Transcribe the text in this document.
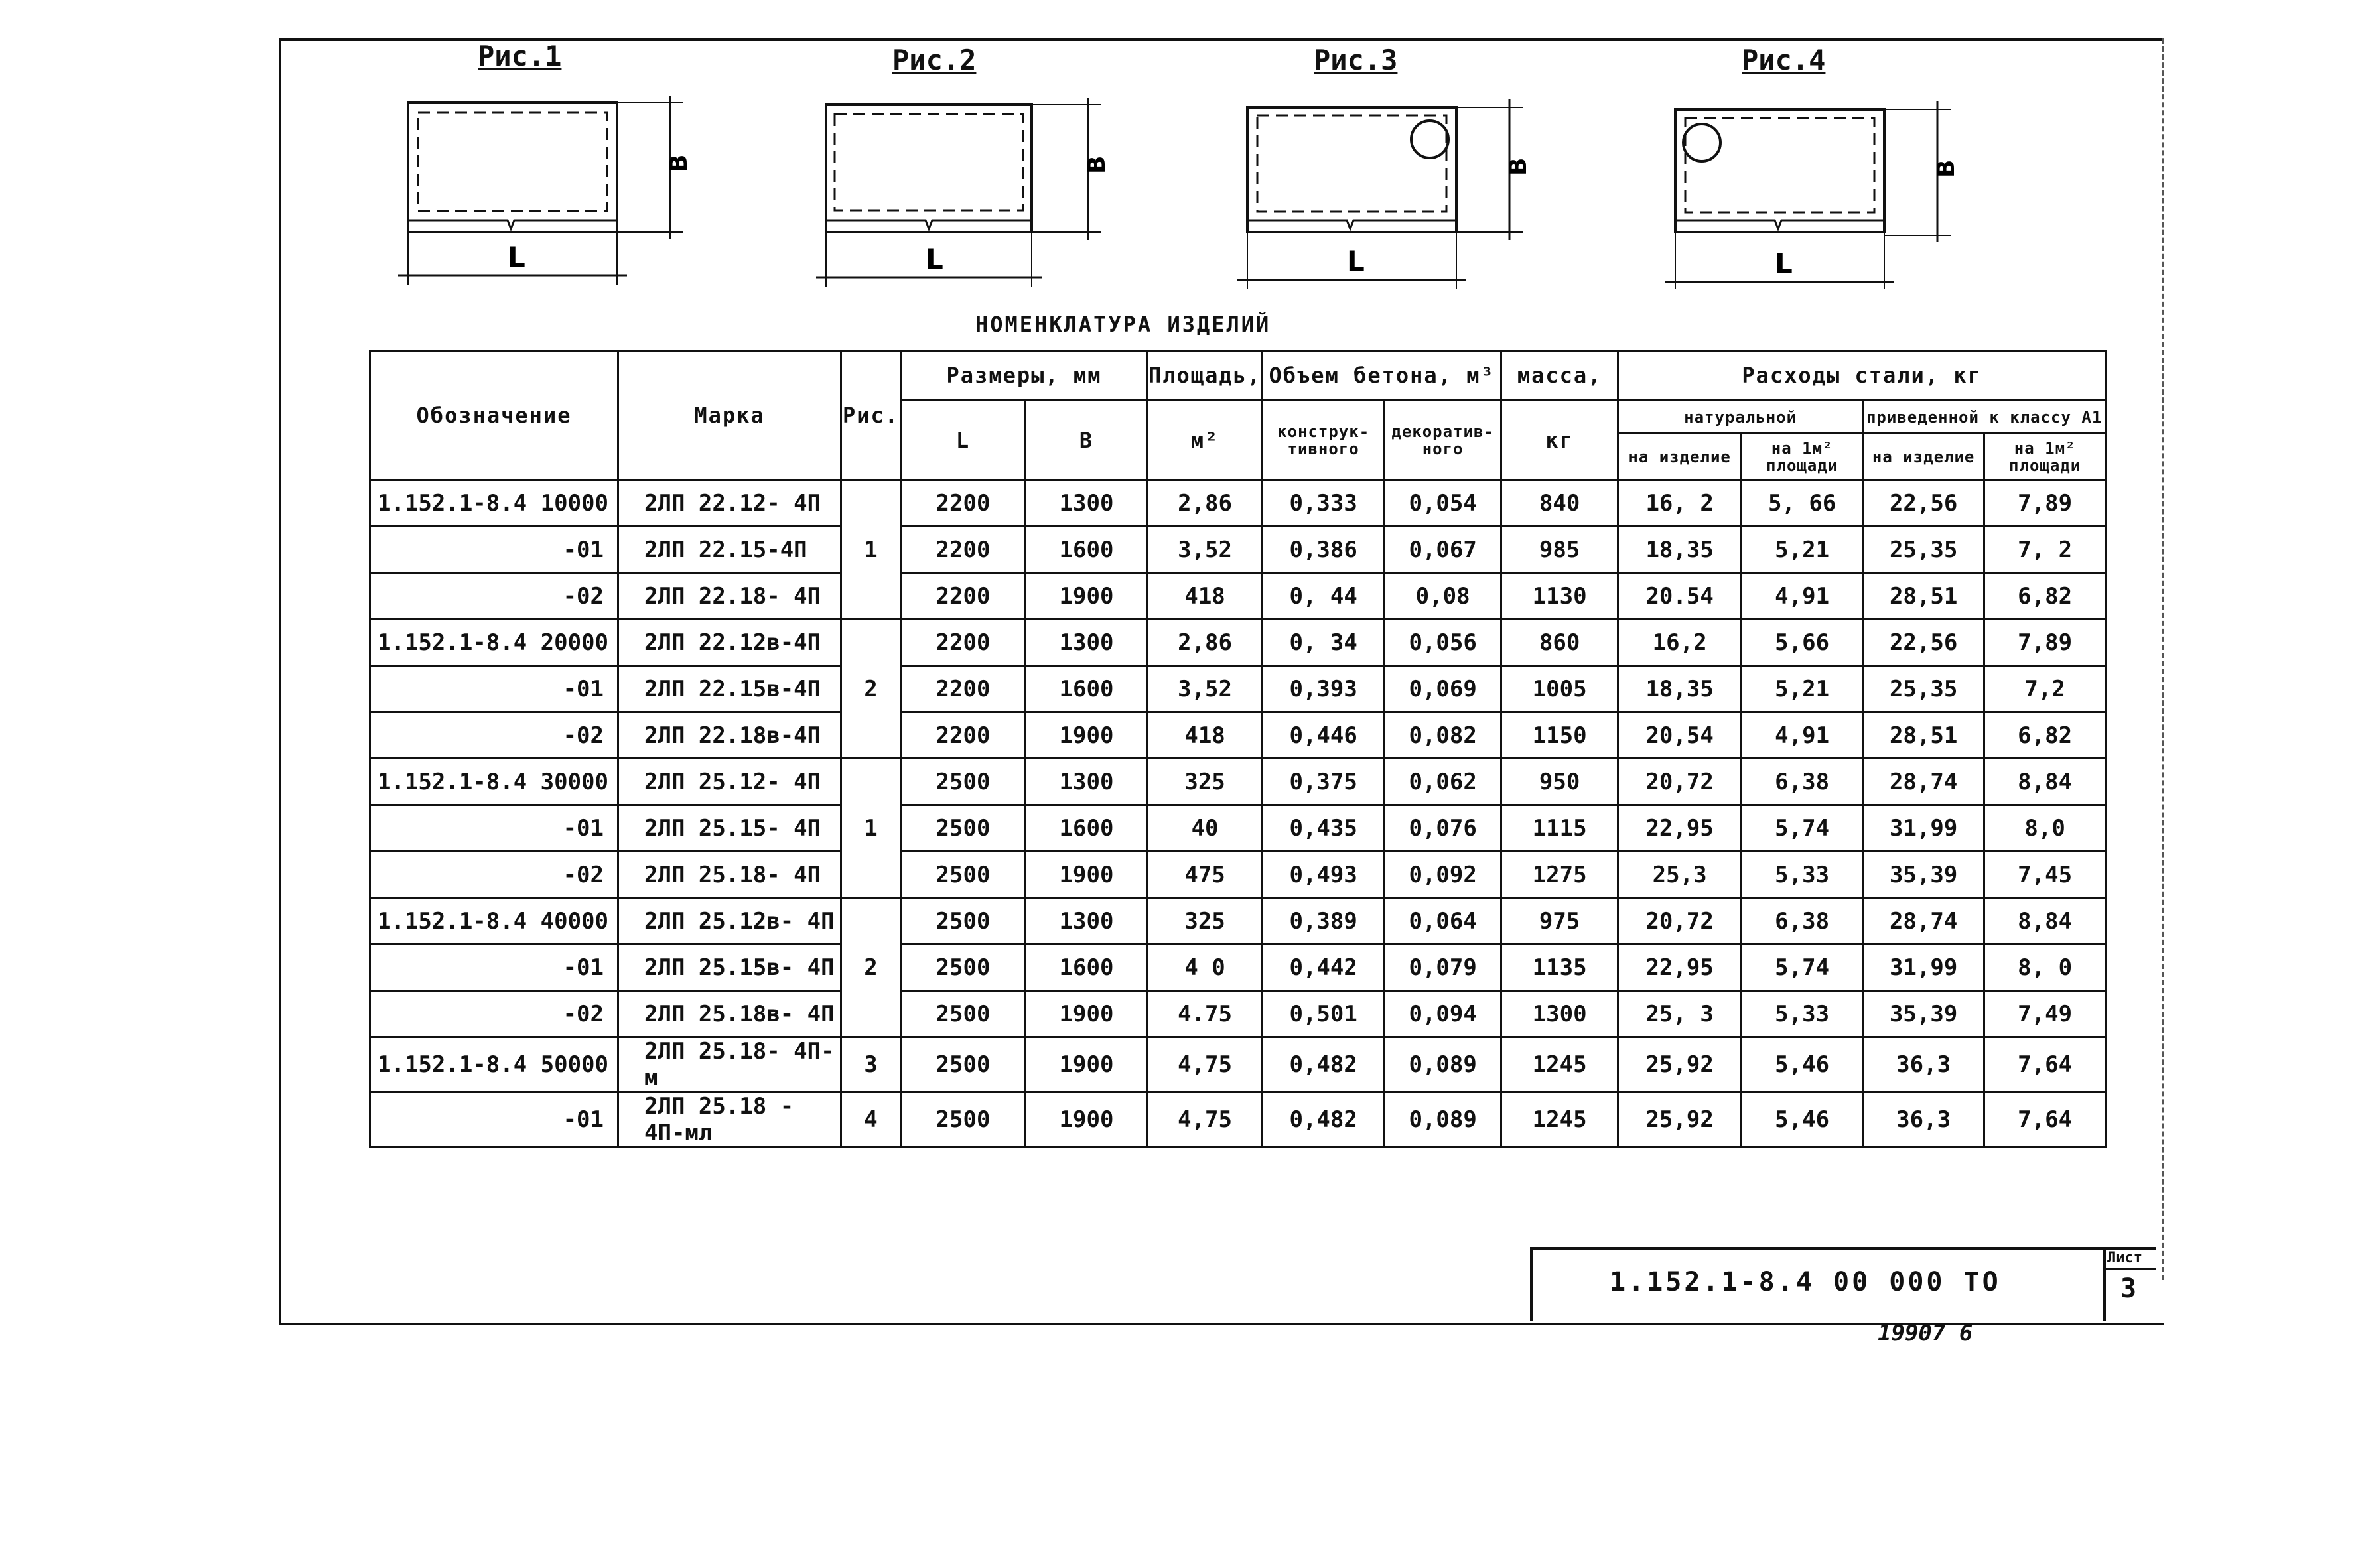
Рис.1	Рис.2	Рис.3	Рис.4
L
B
L
B
L
B
L
B
НОМЕНКЛАТУРА ИЗДЕЛИЙ
Обозначение	Марка	Рис.	Размеры, мм		Площадь,	Объем бетона, м³		масса,	Расходы стали, кг			
			L	B	м²	конструк-тивного	декоратив-ного	кг	натуральной		приведенной к классу A1	
									на изделие	на 1м² площади	на изделие	на 1м² площади
1.152.1-8.4 10000	2ЛП 22.12- 4П	1	2200	1300	2,86	0,333	0,054	840	16, 2	5, 66	22,56	7,89
-01	2ЛП 22.15-4П		2200	1600	3,52	0,386	0,067	985	18,35	5,21	25,35	7, 2
-02	2ЛП 22.18- 4П		2200	1900	418	0, 44	0,08	1130	20.54	4,91	28,51	6,82
1.152.1-8.4 20000	2ЛП 22.12в-4П	2	2200	1300	2,86	0, 34	0,056	860	16,2	5,66	22,56	7,89
-01	2ЛП 22.15в-4П		2200	1600	3,52	0,393	0,069	1005	18,35	5,21	25,35	7,2
-02	2ЛП 22.18в-4П		2200	1900	418	0,446	0,082	1150	20,54	4,91	28,51	6,82
1.152.1-8.4 30000	2ЛП 25.12- 4П	1	2500	1300	325	0,375	0,062	950	20,72	6,38	28,74	8,84
-01	2ЛП 25.15- 4П		2500	1600	40	0,435	0,076	1115	22,95	5,74	31,99	8,0
-02	2ЛП 25.18- 4П		2500	1900	475	0,493	0,092	1275	25,3	5,33	35,39	7,45
1.152.1-8.4 40000	2ЛП 25.12в- 4П	2	2500	1300	325	0,389	0,064	975	20,72	6,38	28,74	8,84
-01	2ЛП 25.15в- 4П		2500	1600	4 0	0,442	0,079	1135	22,95	5,74	31,99	8, 0
-02	2ЛП 25.18в- 4П		2500	1900	4.75	0,501	0,094	1300	25, 3	5,33	35,39	7,49
1.152.1-8.4 50000	2ЛП 25.18- 4П-м	3	2500	1900	4,75	0,482	0,089	1245	25,92	5,46	36,3	7,64
-01	2ЛП 25.18 - 4П-мл	4	2500	1900	4,75	0,482	0,089	1245	25,92	5,46	36,3	7,64
1.152.1-8.4 00 000 ТО
Лист
3
19907 6
